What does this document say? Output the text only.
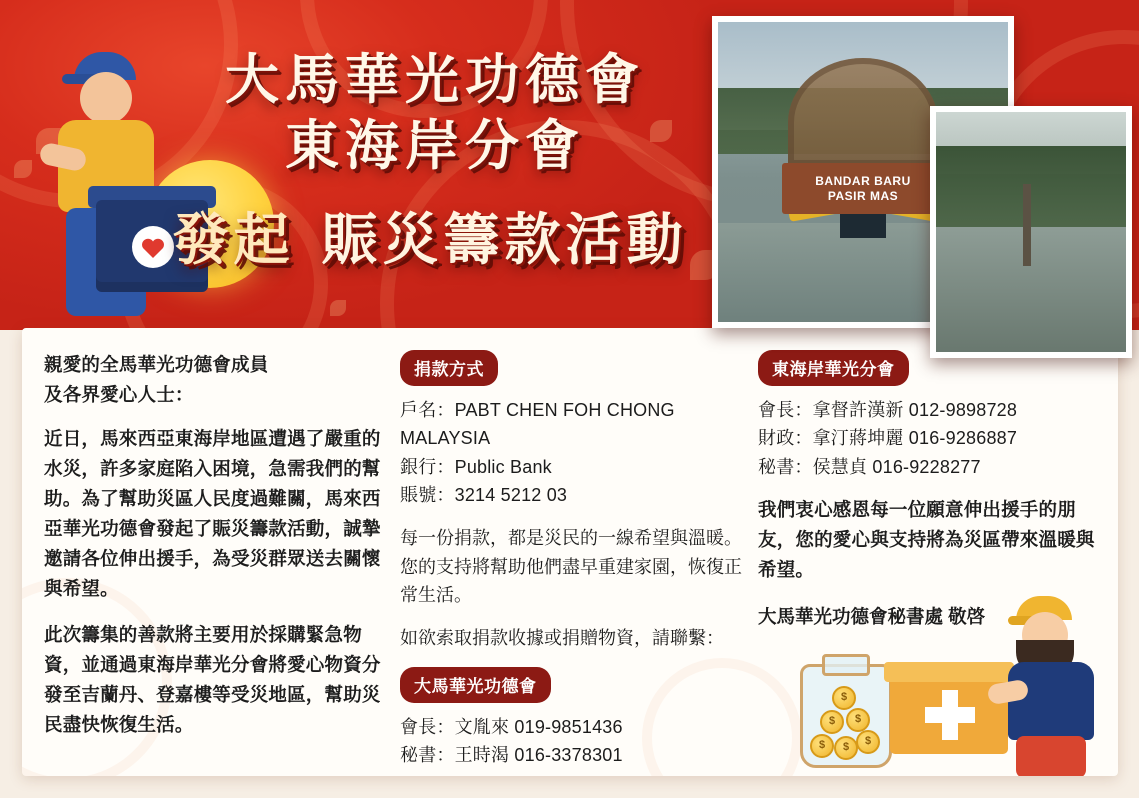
大馬華光功德會
東海岸分會
發起 賑災籌款活動
BANDAR BARU
PASIR MAS

親愛的全馬華光功德會成員
及各界愛心人士：

近日，馬來西亞東海岸地區遭遇了嚴重的水災，許多家庭陷入困境，急需我們的幫助。為了幫助災區人民度過難關，馬來西亞華光功德會發起了賑災籌款活動，誠摯邀請各位伸出援手，為受災群眾送去關懷與希望。

此次籌集的善款將主要用於採購緊急物資，並通過東海岸華光分會將愛心物資分發至吉蘭丹、登嘉樓等受災地區，幫助災民盡快恢復生活。

捐款方式

戶名：PABT CHEN FOH CHONG MALAYSIA

銀行：Public Bank

賬號：3214 5212 03

每一份捐款，都是災民的一線希望與溫暖。您的支持將幫助他們盡早重建家園，恢復正常生活。

如欲索取捐款收據或捐贈物資，請聯繫：

大馬華光功德會

會長：文胤來 019-9851436

秘書：王時渴 016-3378301

東海岸華光分會

會長：拿督許漢新 012-9898728

財政：拿汀蔣坤麗 016-9286887

秘書：侯慧貞 016-9228277

我們衷心感恩每一位願意伸出援手的朋友，您的愛心與支持將為災區帶來溫暖與希望。

大馬華光功德會秘書處 敬啓

$	$	$
$	$
$
